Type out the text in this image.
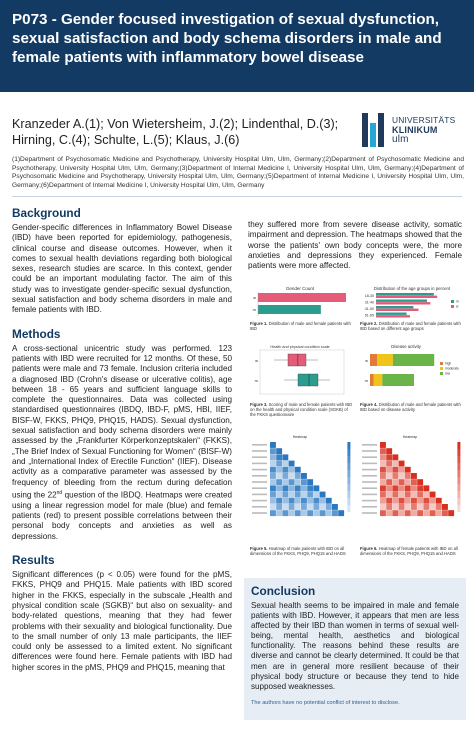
P073 - Gender focused investigation of sexual dysfunction, sexual satisfaction and body schema disorders in male and female patients with inflammatory bowel disease
Kranzeder A.(1); Von Wietersheim, J.(2); Lindenthal, D.(3); Hirning, C.(4); Schulte, L.(5); Klaus, J.(6)
UNIVERSITÄTS
KLINIKUM
ulm
(1)Department of Psychosomatic Medicine and Psychotherapy, University Hospital Ulm, Ulm, Germany;(2)Department of Psychosomatic Medicine and Psychotherapy, University Hospital Ulm, Ulm, Germany;(3)Department of Internal Medicine I, University Hospital Ulm, Ulm, Germany;(4)Department of Psychosomatic Medicine and Psychotherapy, University Hospital Ulm, Ulm, Germany;(5)Department of Internal Medicine I, University Hospital Ulm, Ulm, Germany;(6)Department of Internal Medicine I, University Hospital Ulm, Ulm, Germany
Background
Gender-specific differences in Inflammatory Bowel Disease (IBD) have been reported for epidemiology, pathogenesis, clinical course and disease outcomes. However, when it comes to sexual health deviations regarding both biological sexes, research studies are scarce. In this context, gender could be an important modulating factor. The aim of this study was to investigate gender-specific sexual dysfunction, sexual satisfaction and body schema disorders in male and female patients with IBD.
Methods
A cross-sectional unicentric study was performed. 123 patients with IBD were recruited for 12 months. Of these, 50 patients were male and 73 female. Inclusion criteria included a diagnosed IBD (Crohn's disease or ulcerative colitis), age between 18 - 65 years and sufficient language skills to complete the questionnaires. Data was collected using standardised questionnaires (IBDQ, IBD-F, pMS, HBI, IIEF, BISF-W, FKKS, PHQ9, PHQ15, HADS). Sexual dysfunction, sexual satisfaction and body schema disorders were mainly assessed by the „Frankfurter Körperkonzeptskalen“ (FKKS), „The Brief Index of Sexual Functioning for Women“ (BISF-W) and „International Index of Erectile Function“ (IIEF). Disease activity as a comparative parameter was assessed by the frequency of bleeding from the rectum during defecation using the 22nd question of the IBDQ. Heatmaps were created using a linear regression model for male (blue) and female patients (red) to present possible correlations between their personal body concepts and anxieties as well as depressions.
Results
Significant differences (p < 0.05) were found for the pMS, FKKS, PHQ9 and PHQ15. Male patients with IBD scored higher in the FKKS, especially in the subscale „Health and physical condition scale (SGKB)“ but also on sexuality- and body-related questions, meaning that they had fewer problems with their sexuality and biological functionality. Due to the small number of only 13 male participants, the IIEF could only be assessed to a limited extent. No significant differences were found here. Female patients with IBD had higher scores in the pMS, PHQ9 and PHQ15, meaning that
they suffered more from severe disease activity, somatic impairment and depression. The heatmaps showed that the worse the patients' own body concepts were, the more anxieties and depressions they experienced. Female patients were more affected.
Gender Count
w
m
Figure 1. Distribution of male and female patients with IBD
Distribution of the age groups in percent
18-30
31-40
41-50
51-65
m
w
Figure 2. Distribution of male and female patients with IBD based on different age groups
Health and physical condition scale
w
m
Figure 3. Scoring of male and female patients with IBD on the health and physical condition scale (SGKB) of the FKKS questionnaire
Disease activity
w
m
high
moderate
low
Figure 4. Distribution of male and female patients with IBD based on disease activity
Heatmap
Figure 5. Heatmap of male patients with IBD on all dimensions of the FKKS, PHQ9, PHQ15 and HADS
Heatmap
Figure 6. Heatmap of female patients with IBD on all dimensions of the FKKS, PHQ9, PHQ15 and HADS
Conclusion
Sexual health seems to be impaired in male and female patients with IBD. However, it appears that men are less affected by their IBD than women in terms of sexual well-being, mental health, aesthetics and biological functionality. The reasons behind these results are diverse and cannot be clearly determined. It could be that men are in general more resilient because of their physical body structure or because they tend to hide supposed weaknesses.
The authors have no potential conflict of interest to disclose.
